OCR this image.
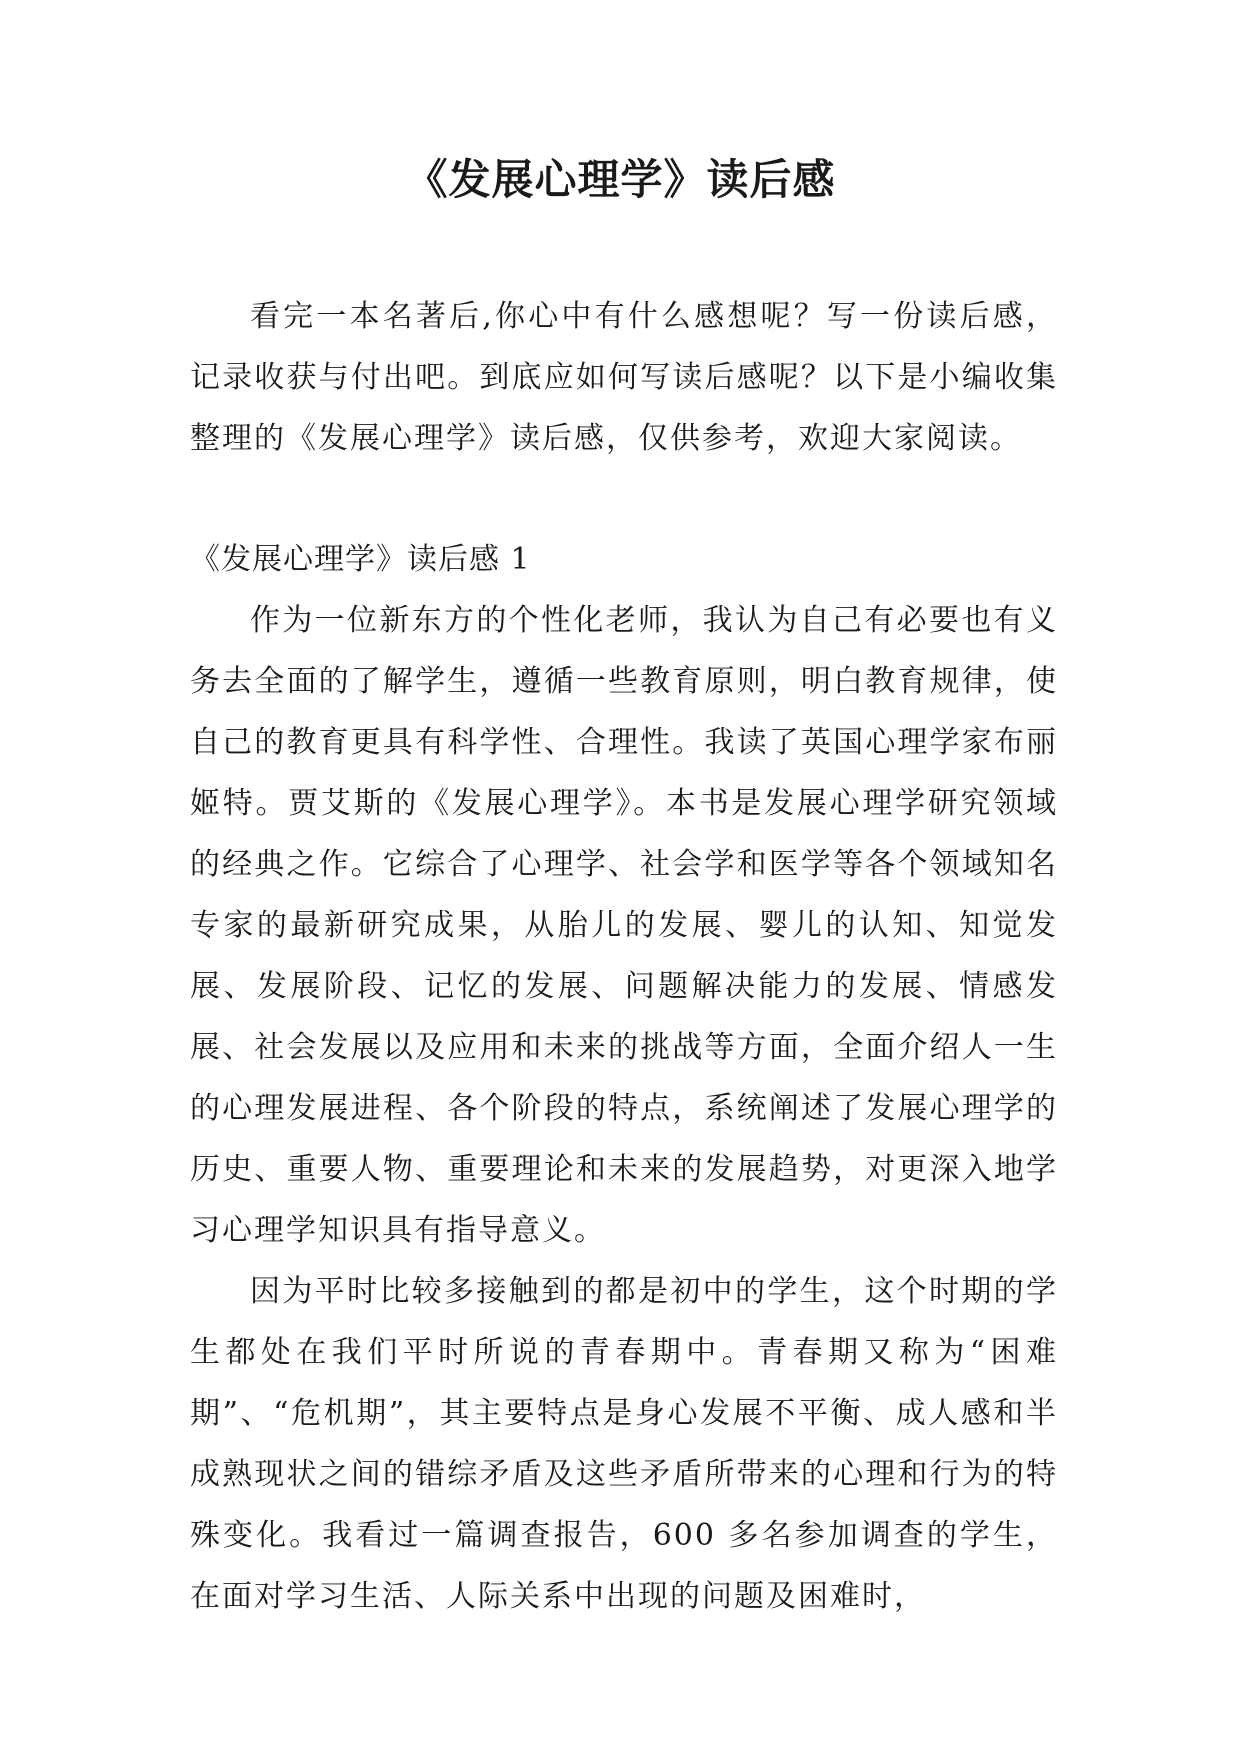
《发展心理学》读后感

看完一本名著后,你心中有什么感想呢？写一份读后感，记录收获与付出吧。到底应如何写读后感呢？以下是小编收集整理的《发展心理学》读后感，仅供参考，欢迎大家阅读。

《发展心理学》读后感 1

作为一位新东方的个性化老师，我认为自己有必要也有义务去全面的了解学生，遵循一些教育原则，明白教育规律，使自己的教育更具有科学性、合理性。我读了英国心理学家布丽姬特。贾艾斯的《发展心理学》。本书是发展心理学研究领域的经典之作。它综合了心理学、社会学和医学等各个领域知名专家的最新研究成果，从胎儿的发展、婴儿的认知、知觉发展、发展阶段、记忆的发展、问题解决能力的发展、情感发展、社会发展以及应用和未来的挑战等方面，全面介绍人一生的心理发展进程、各个阶段的特点，系统阐述了发展心理学的历史、重要人物、重要理论和未来的发展趋势，对更深入地学习心理学知识具有指导意义。

因为平时比较多接触到的都是初中的学生，这个时期的学生都处在我们平时所说的青春期中。青春期又称为“困难期”、“危机期”，其主要特点是身心发展不平衡、成人感和半成熟现状之间的错综矛盾及这些矛盾所带来的心理和行为的特殊变化。我看过一篇调查报告，600 多名参加调查的学生，在面对学习生活、人际关系中出现的问题及困难时，
